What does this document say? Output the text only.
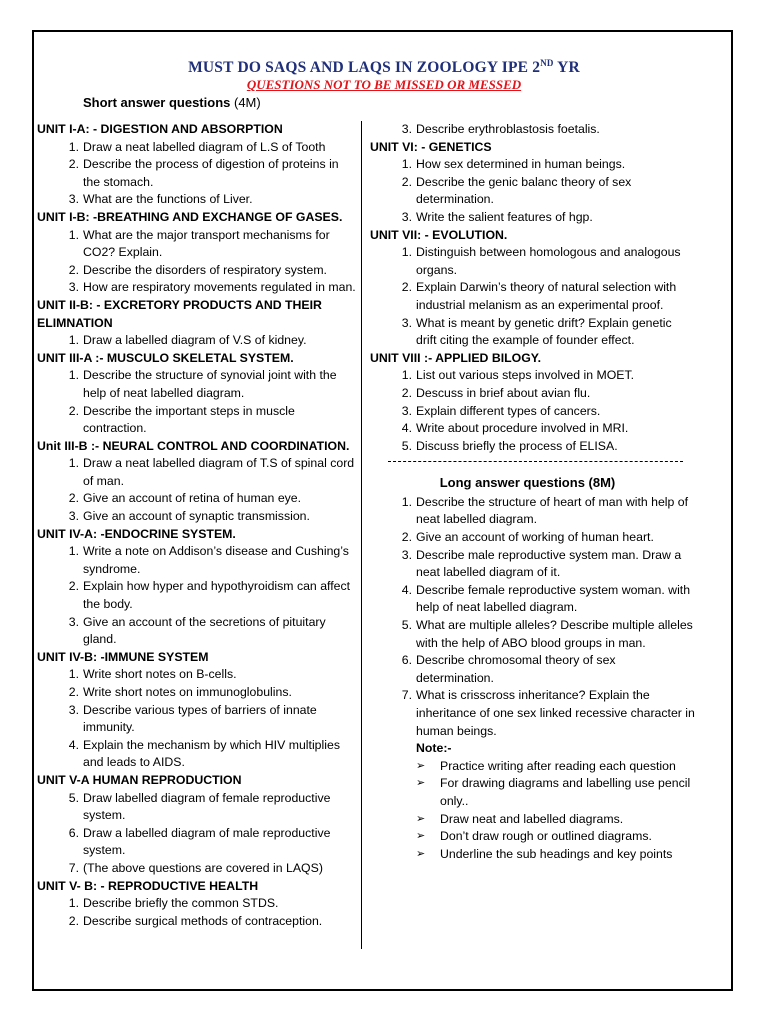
MUST DO SAQS AND LAQS IN ZOOLOGY IPE 2ND YR
QUESTIONS NOT TO BE MISSED OR MESSED
Short answer questions (4M)
UNIT I-A: - DIGESTION AND ABSORPTION
1. Draw a neat labelled diagram of L.S of Tooth
2. Describe the process of digestion of proteins in the stomach.
3. What are the functions of Liver.
UNIT I-B: -BREATHING AND EXCHANGE OF GASES.
1. What are the major transport mechanisms for CO2? Explain.
2. Describe the disorders of respiratory system.
3. How are respiratory movements regulated in man.
UNIT II-B: - EXCRETORY PRODUCTS AND THEIR
ELIMNATION
1. Draw a labelled diagram of V.S of kidney.
UNIT III-A :- MUSCULO SKELETAL SYSTEM.
1. Describe the structure of synovial joint with the help of neat labelled diagram.
2. Describe the important steps in muscle contraction.
Unit III-B :- NEURAL CONTROL AND COORDINATION.
1. Draw a neat labelled diagram of T.S of spinal cord of man.
2. Give an account of retina of human eye.
3. Give an account of synaptic transmission.
UNIT IV-A: -ENDOCRINE SYSTEM.
1. Write a note on Addison’s disease and Cushing’s syndrome.
2. Explain how hyper and hypothyroidism can affect the body.
3. Give an account of the secretions of pituitary gland.
UNIT IV-B: -IMMUNE SYSTEM
1. Write short notes on B-cells.
2. Write short notes on immunoglobulins.
3. Describe various types of barriers of innate immunity.
4. Explain the mechanism by which HIV multiplies and leads to AIDS.
UNIT V-A HUMAN REPRODUCTION
5. Draw labelled diagram of female reproductive system.
6. Draw a labelled diagram of male reproductive system.
7. (The above questions are covered in LAQS)
UNIT V- B: - REPRODUCTIVE HEALTH
1. Describe briefly the common STDS.
2. Describe surgical methods of contraception.
3. Describe erythroblastosis foetalis.
UNIT VI: - GENETICS
1. How sex determined in human beings.
2. Describe the genic balanc theory of sex determination.
3. Write the salient features of hgp.
UNIT VII: - EVOLUTION.
1. Distinguish between homologous and analogous organs.
2. Explain Darwin’s theory of natural selection with industrial melanism as an experimental proof.
3. What is meant by genetic drift? Explain genetic drift citing the example of founder effect.
UNIT VIII :- APPLIED BILOGY.
1. List out various steps involved in MOET.
2. Descuss in brief about avian flu.
3. Explain different types of cancers.
4. Write about procedure involved in MRI.
5. Discuss briefly the process of ELISA.
Long answer questions (8M)
1. Describe the structure of heart of man with help of neat labelled diagram.
2. Give an account of working of human heart.
3. Describe male reproductive system man. Draw a neat labelled diagram of it.
4. Describe female reproductive system woman. with help of neat labelled diagram.
5. What are multiple alleles? Describe multiple alleles with the help of ABO blood groups in man.
6. Describe chromosomal theory of sex determination.
7. What is crisscross inheritance? Explain the inheritance of one sex linked recessive character in human beings.
Note:-
➢ Practice writing after reading each question
➢ For drawing diagrams and labelling use pencil only..
➢ Draw neat and labelled diagrams.
➢ Don’t draw rough or outlined diagrams.
➢ Underline the sub headings and key points
